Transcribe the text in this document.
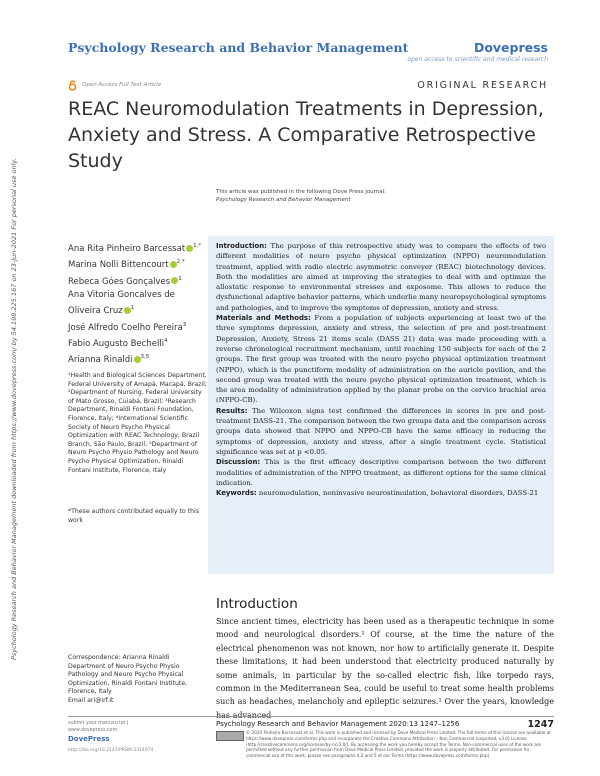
Psychology Research and Behavior Management downloaded from https://www.dovepress.com/ by 54.198.225.167 on 23-Jun-2021 For personal use only.
Psychology Research and Behavior Management	Dovepress
open access to scientific and medical research
Open Access Full Text Article	ORIGINAL RESEARCH
REAC Neuromodulation Treatments in Depression, Anxiety and Stress. A Comparative Retrospective Study
This article was published in the following Dove Press journal:
Psychology Research and Behavior Management
Ana Rita Pinheiro Barcessat $^{1,*}$
Marina Nolli Bittencourt $^{2,*}$
Rebeca Góes Gonçalves $^1$
Ana Vitoria Goncalves de Oliveira Cruz $^1$
José Alfredo Coelho Pereira$^3$
Fabio Augusto Bechelli$^4$
Arianna Rinaldi $^{3,5}$
¹Health and Biological Sciences Department, Federal University of Amapá, Macapá, Brazil; ²Department of Nursing, Federal University of Mato Grosso, Cuiabá, Brazil; ³Research Department, Rinaldi Fontani Foundation, Florence, Italy; ⁴International Scientific Society of Neuro Psycho Physical Optimization with REAC Technology, Brazil Branch, São Paulo, Brazil; ⁵Department of Neuro Psycho Physio Pathology and Neuro Psycho Physical Optimization, Rinaldi Fontani Institute, Florence, Italy
*These authors contributed equally to this work
Correspondence: Arianna Rinaldi
Department of Neuro Psycho Physio
Pathology and Neuro Psycho Physical
Optimization, Rinaldi Fontani Institute,
Florence, Italy
Email ari@irf.it

Introduction: The purpose of this retrospective study was to compare the effects of two different modalities of neuro psycho physical optimization (NPPO) neuromodulation treatment, applied with radio electric asymmetric conveyer (REAC) biotechnology devices. Both the modalities are aimed at improving the strategies to deal with and optimize the allostatic response to environmental stresses and exposome. This allows to reduce the dysfunctional adaptive behavior patterns, which underlie many neuropsychological symptoms and pathologies, and to improve the symptoms of depression, anxiety and stress.

Materials and Methods: From a population of subjects experiencing at least two of the three symptoms depression, anxiety and stress, the selection of pre and post-treatment Depression, Anxiety, Stress 21 items scale (DASS 21) data was made proceeding with a reverse chronological recruitment mechanism, until reaching 150 subjects for each of the 2 groups. The first group was treated with the neuro psycho physical optimization treatment (NPPO), which is the punctiform modality of administration on the auricle pavilion, and the second group was treated with the neuro psycho physical optimization treatment, which is the area modality of administration applied by the planar probe on the cervico brachial area (NPPO-CB).

Results: The Wilcoxon signs test confirmed the differences in scores in pre and post-treatment DASS-21. The comparison between the two groups data and the comparison across groups data showed that NPPO and NPPO-CB have the same efficacy in reducing the symptoms of depression, anxiety and stress, after a single treatment cycle. Statistical significance was set at p <0.05.

Discussion: This is the first efficacy descriptive comparison between the two different modalities of administration of the NPPO treatment, as different options for the same clinical indication.

Keywords: neuromodulation, noninvasive neurostimulation, behavioral disorders, DASS-21

Introduction
Since ancient times, electricity has been used as a therapeutic technique in some mood and neurological disorders.¹ Of course, at the time the nature of the electrical phenomenon was not known, nor how to artificially generate it. Despite these limitations, it had been understood that electricity produced naturally by some animals, in particular by the so-called electric fish, like torpedo rays, common in the Mediterranean Sea, could be useful to treat some health problems such as headaches, melancholy and epileptic seizures.¹ Over the years, knowledge
submit your manuscript | www.dovepress.com
DovePress
http://doi.org/10.2147/PRBM.S314074
Psychology Research and Behavior Management 2020:13 1247–1256	1247
© 2020 Pinheiro Barcessat et al. This work is published and licensed by Dove Medical Press Limited. The full terms of this license are available at https://www.dovepress.com/terms.php and incorporate the Creative Commons Attribution – Non Commercial (unported, v3.0) License (http://creativecommons.org/licenses/by-nc/3.0/). By accessing the work you hereby accept the Terms. Non-commercial uses of the work are permitted without any further permission from Dove Medical Press Limited, provided the work is properly attributed. For permission for commercial use of this work, please see paragraphs 4.2 and 5 of our Terms (https://www.dovepress.com/terms.php).
